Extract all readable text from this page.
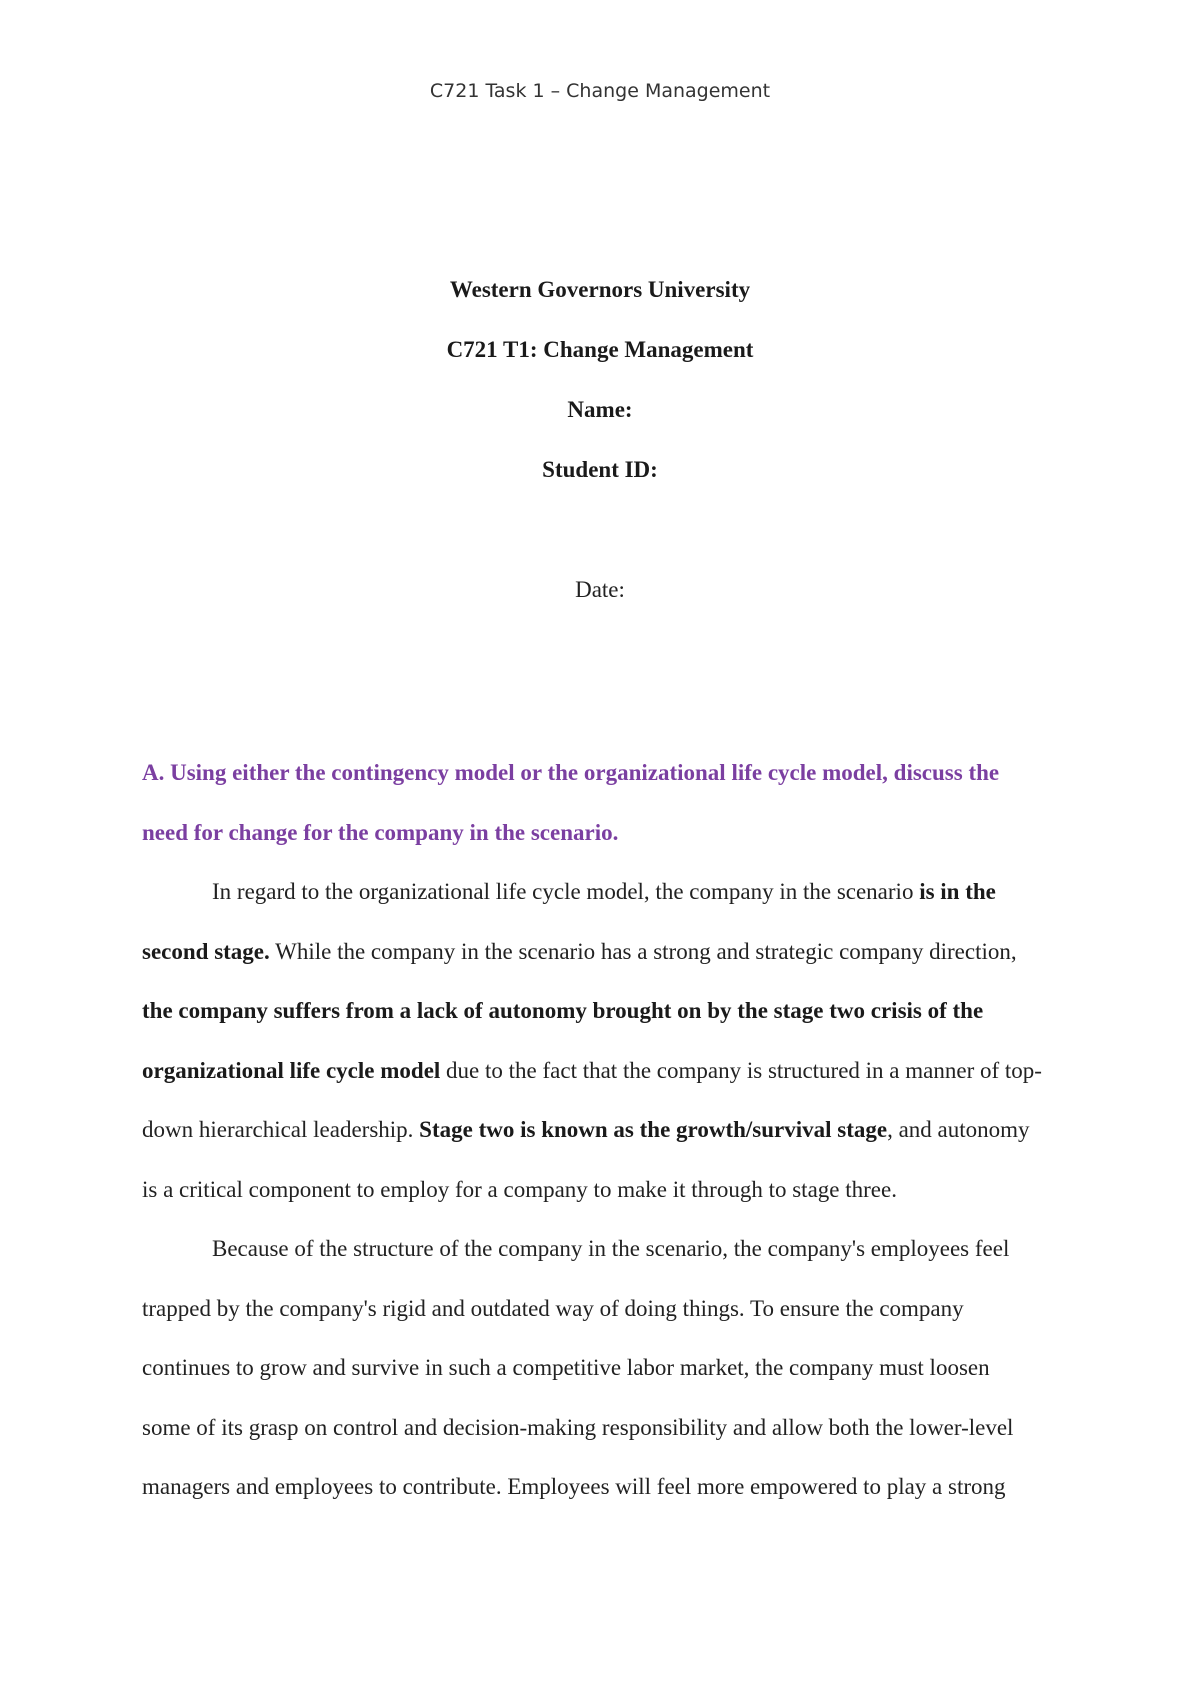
C721 Task 1 – Change Management
Western Governors University
C721 T1: Change Management
Name:
Student ID:
Date:

A. Using either the contingency model or the organizational life cycle model, discuss the need for change for the company in the scenario.

In regard to the organizational life cycle model, the company in the scenario is in the second stage. While the company in the scenario has a strong and strategic company direction, the company suffers from a lack of autonomy brought on by the stage two crisis of the organizational life cycle model due to the fact that the company is structured in a manner of top-down hierarchical leadership. Stage two is known as the growth/survival stage, and autonomy is a critical component to employ for a company to make it through to stage three.

Because of the structure of the company in the scenario, the company's employees feel trapped by the company's rigid and outdated way of doing things. To ensure the company continues to grow and survive in such a competitive labor market, the company must loosen some of its grasp on control and decision-making responsibility and allow both the lower-level managers and employees to contribute. Employees will feel more empowered to play a strong
